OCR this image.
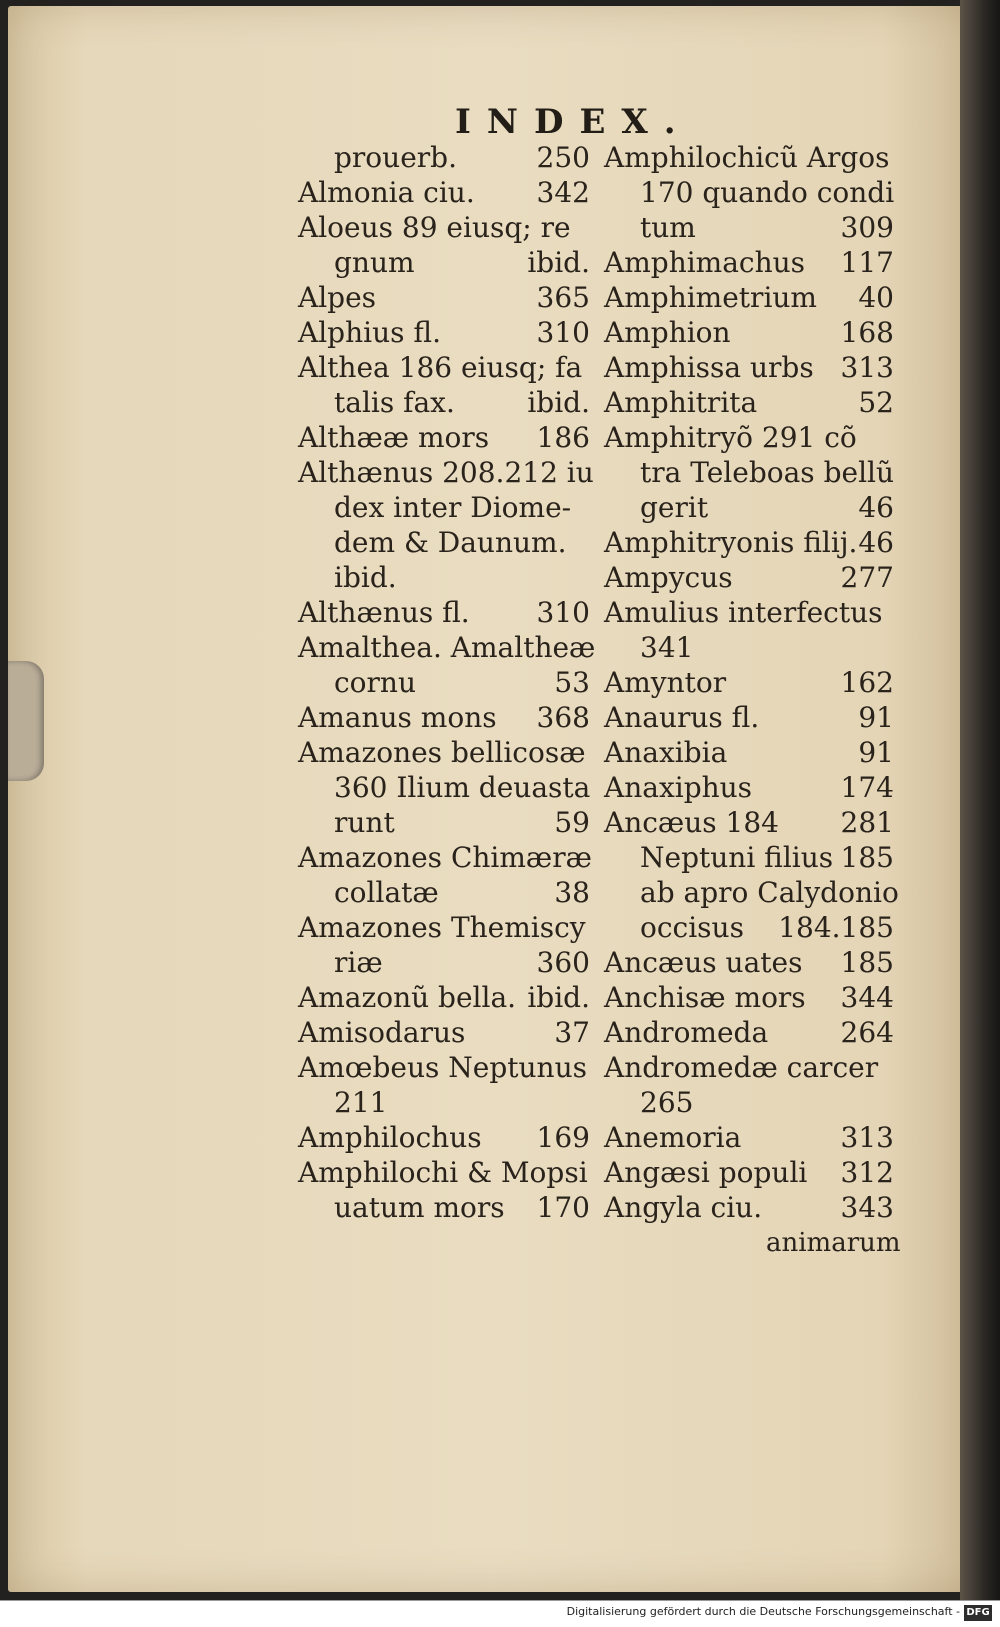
INDEX.
prouerb.	250
Almonia ciu. 342
Aloeus 89 eiusq; re
gnum	ibid.
Alpes	365
Alphius fl.	310
Althea 186 eiusq; fa
talis fax.	ibid.
Althææ mors 186
Althænus 208.212 iu
dex inter Diome-
dem & Daunum.
ibid.
Althænus fl. 310
Amalthea. Amaltheæ
cornu	53
Amanus mons 368
Amazones bellicosæ
360 Ilium deuasta
runt	59
Amazones Chimæræ
collatæ	38
Amazones Themiscy
riæ	360
Amazonũ bella. ibid.
Amisodarus	37
Amœbeus Neptunus
211
Amphilochus 169
Amphilochi & Mopsi
uatum mors 170
Amphilochicũ Argos
170 quando condi
tum	309
Amphimachus 117
Amphimetrium 40
Amphion	168
Amphissa urbs 313
Amphitrita	52
Amphitryõ 291 cõ
tra Teleboas bellũ
gerit	46
Amphitryonis filij. 46
Ampycus	277
Amulius interfectus
341
Amyntor	162
Anaurus fl.	91
Anaxibia	91
Anaxiphus	174
Ancæus 184 281
Neptuni filius 185
ab apro Calydonio
occisus 184.185
Ancæus uates 185
Anchisæ mors 344
Andromeda	264
Andromedæ carcer
265
Anemoria	313
Angæsi populi 312
Angyla ciu.	343
animarum
Digitalisierung gefördert durch die Deutsche Forschungsgemeinschaft - DFG
